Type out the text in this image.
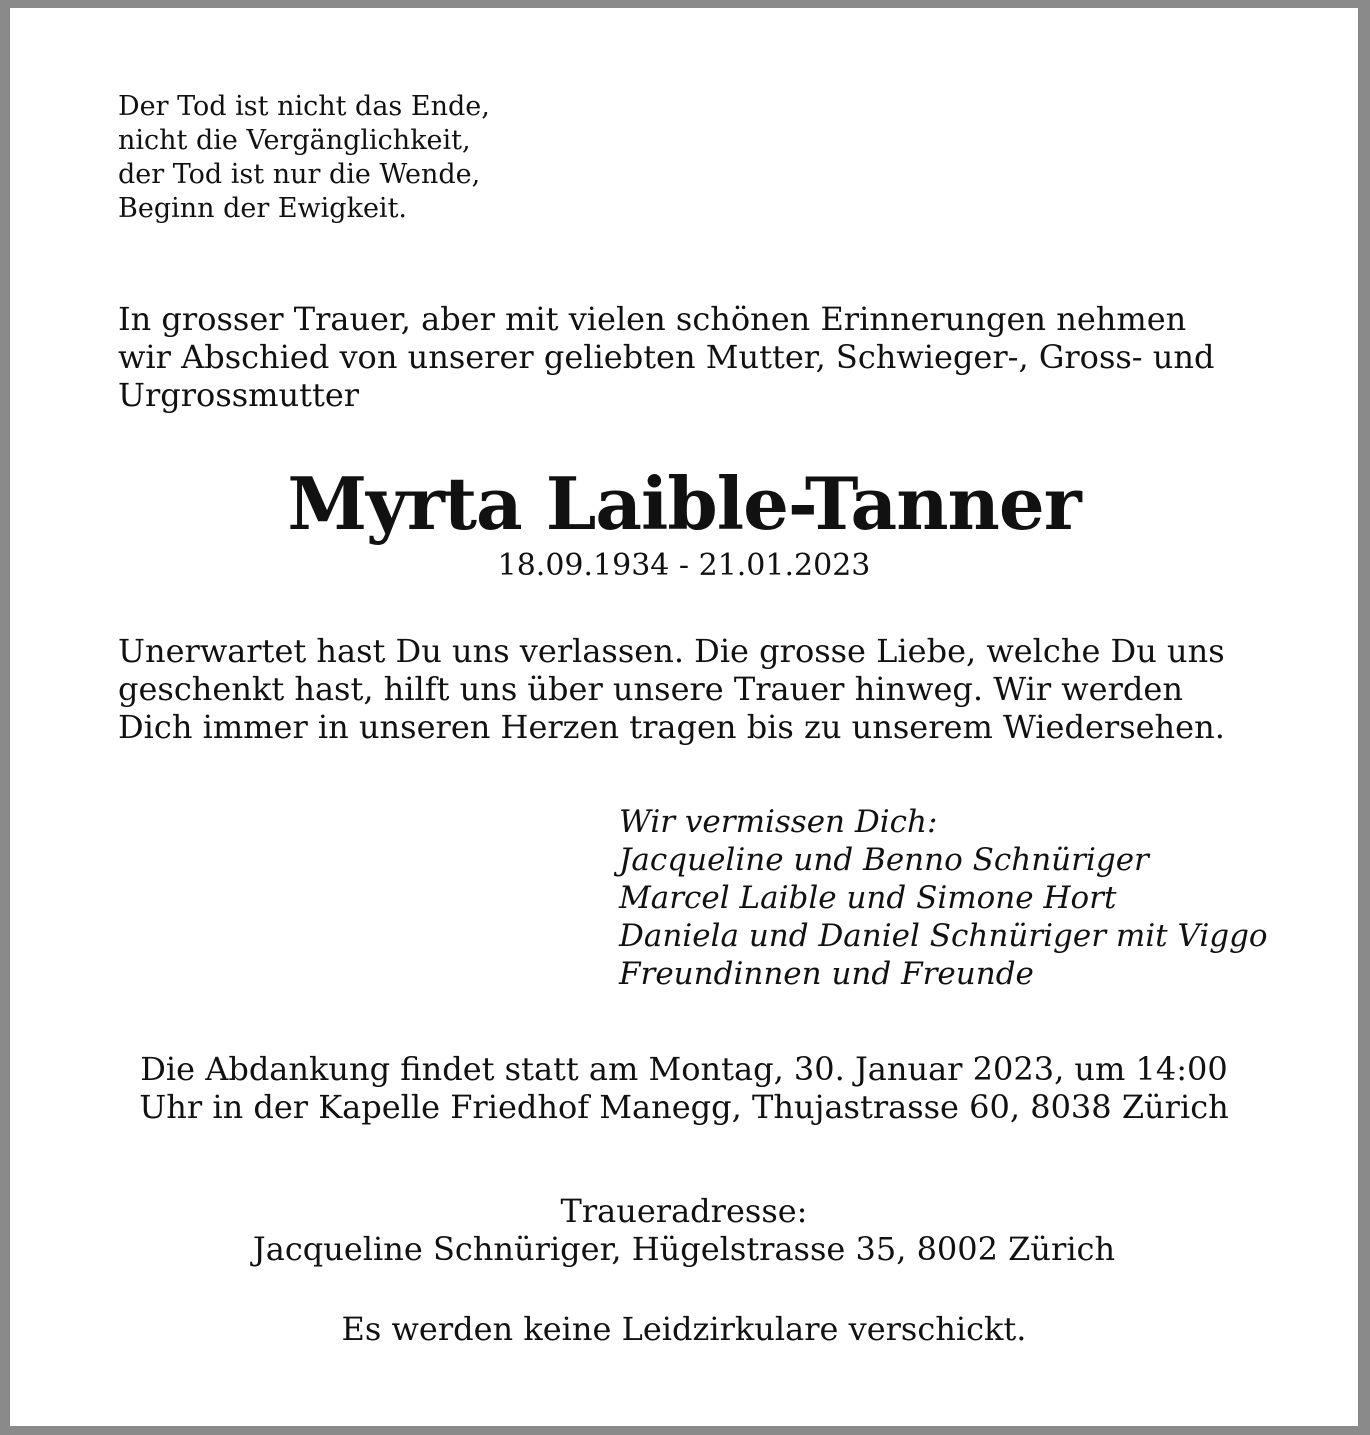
Der Tod ist nicht das Ende,
nicht die Vergänglichkeit,
der Tod ist nur die Wende,
Beginn der Ewigkeit.
In grosser Trauer, aber mit vielen schönen Erinnerungen nehmen
wir Abschied von unserer geliebten Mutter, Schwieger-, Gross- und
Urgrossmutter
Myrta Laible-Tanner
18.09.1934 - 21.01.2023
Unerwartet hast Du uns verlassen. Die grosse Liebe, welche Du uns
geschenkt hast, hilft uns über unsere Trauer hinweg. Wir werden
Dich immer in unseren Herzen tragen bis zu unserem Wiedersehen.
Wir vermissen Dich:
Jacqueline und Benno Schnüriger
Marcel Laible und Simone Hort
Daniela und Daniel Schnüriger mit Viggo
Freundinnen und Freunde
Die Abdankung findet statt am Montag, 30. Januar 2023, um 14:00
Uhr in der Kapelle Friedhof Manegg, Thujastrasse 60, 8038 Zürich
Traueradresse:
Jacqueline Schnüriger, Hügelstrasse 35, 8002 Zürich
Es werden keine Leidzirkulare verschickt.
